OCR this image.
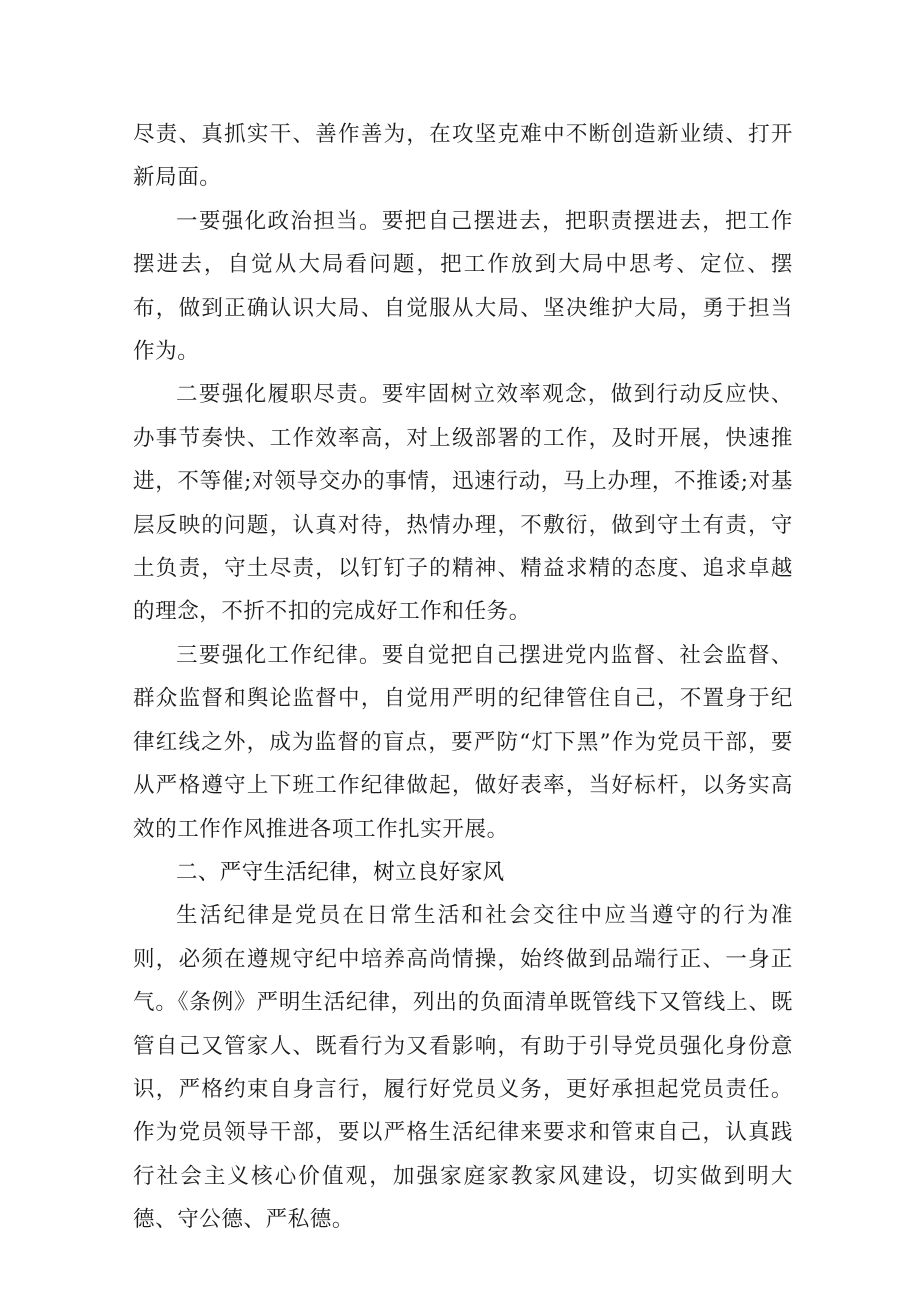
尽责、真抓实干、善作善为，在攻坚克难中不断创造新业绩、打开新局面。

一要强化政治担当。要把自己摆进去，把职责摆进去，把工作摆进去，自觉从大局看问题，把工作放到大局中思考、定位、摆布，做到正确认识大局、自觉服从大局、坚决维护大局，勇于担当作为。

二要强化履职尽责。要牢固树立效率观念，做到行动反应快、办事节奏快、工作效率高，对上级部署的工作，及时开展，快速推进，不等催;对领导交办的事情，迅速行动，马上办理，不推诿;对基层反映的问题，认真对待，热情办理，不敷衍，做到守土有责，守土负责，守土尽责，以钉钉子的精神、精益求精的态度、追求卓越的理念，不折不扣的完成好工作和任务。

三要强化工作纪律。要自觉把自己摆进党内监督、社会监督、群众监督和舆论监督中，自觉用严明的纪律管住自己，不置身于纪律红线之外，成为监督的盲点，要严防“灯下黑”作为党员干部，要从严格遵守上下班工作纪律做起，做好表率，当好标杆，以务实高效的工作作风推进各项工作扎实开展。

二、严守生活纪律，树立良好家风

生活纪律是党员在日常生活和社会交往中应当遵守的行为准则，必须在遵规守纪中培养高尚情操，始终做到品端行正、一身正气。《条例》严明生活纪律，列出的负面清单既管线下又管线上、既管自己又管家人、既看行为又看影响，有助于引导党员强化身份意识，严格约束自身言行，履行好党员义务，更好承担起党员责任。作为党员领导干部，要以严格生活纪律来要求和管束自己，认真践行社会主义核心价值观，加强家庭家教家风建设，切实做到明大德、守公德、严私德。
